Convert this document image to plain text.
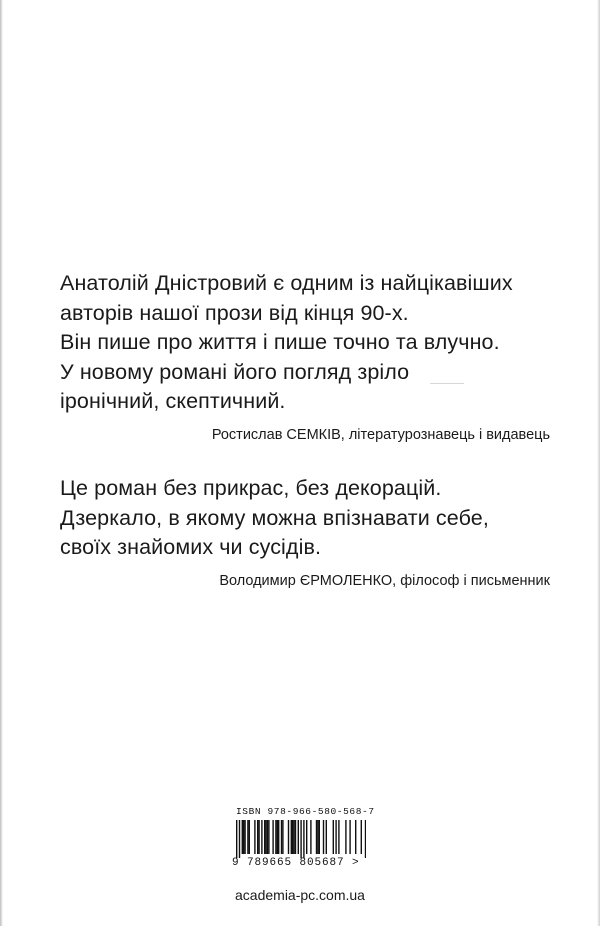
Анатолій Дністровий є одним із найцікавіших
авторів нашої прози від кінця 90-х.
Він пише про життя і пише точно та влучно.
У новому романі його погляд зріло
іронічний, скептичний.
Ростислав СЕМКІВ, літературознавець і видавець
Це роман без прикрас, без декорацій.
Дзеркало, в якому можна впізнавати себе,
своїх знайомих чи сусідів.
Володимир ЄРМОЛЕНКО, філософ і письменник
ISBN 978-966-580-568-7
9 789665 805687 >
academia-pc.com.ua
